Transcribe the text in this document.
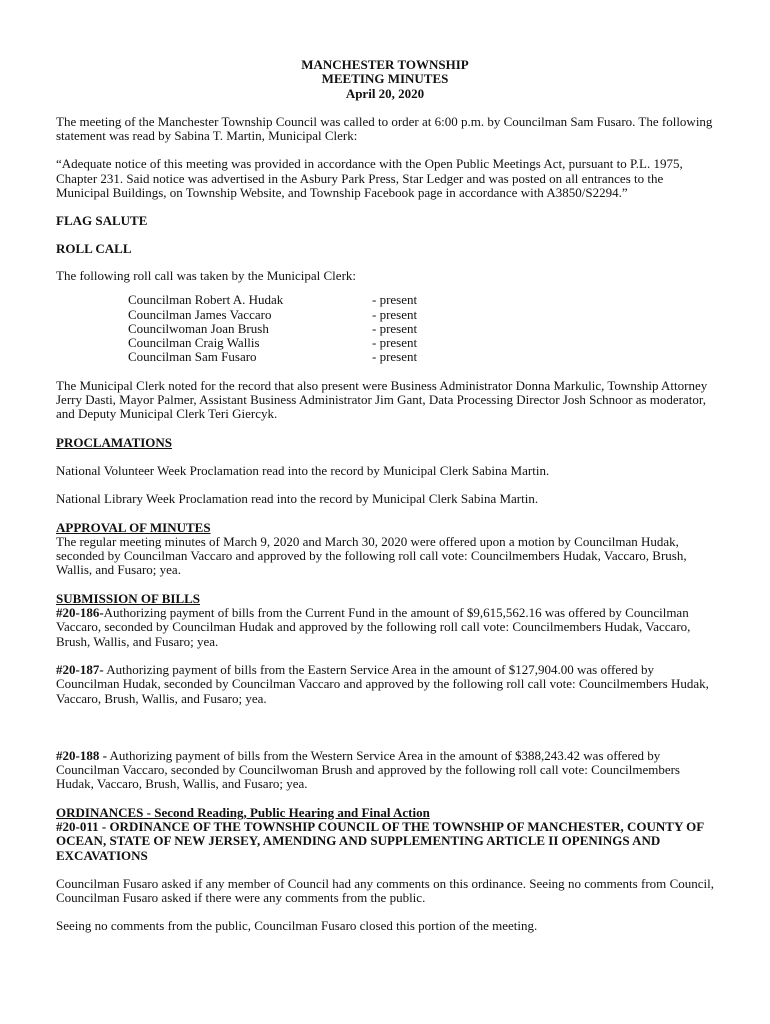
MANCHESTER TOWNSHIP

MEETING MINUTES

April 20, 2020

The meeting of the Manchester Township Council was called to order at 6:00 p.m. by Councilman Sam Fusaro. The following statement was read by Sabina T. Martin, Municipal Clerk:

“Adequate notice of this meeting was provided in accordance with the Open Public Meetings Act, pursuant to P.L. 1975, Chapter 231. Said notice was advertised in the Asbury Park Press, Star Ledger and was posted on all entrances to the Municipal Buildings, on Township Website, and Township Facebook page in accordance with A3850/S2294.”

FLAG SALUTE

ROLL CALL

The following roll call was taken by the Municipal Clerk:

Councilman Robert A. Hudak	- present
Councilman James Vaccaro	- present
Councilwoman Joan Brush	- present
Councilman Craig Wallis	- present
Councilman Sam Fusaro	- present

The Municipal Clerk noted for the record that also present were Business Administrator Donna Markulic, Township Attorney Jerry Dasti, Mayor Palmer, Assistant Business Administrator Jim Gant, Data Processing Director Josh Schnoor as moderator, and Deputy Municipal Clerk Teri Giercyk.

PROCLAMATIONS

National Volunteer Week Proclamation read into the record by Municipal Clerk Sabina Martin.

National Library Week Proclamation read into the record by Municipal Clerk Sabina Martin.

APPROVAL OF MINUTES

The regular meeting minutes of March 9, 2020 and March 30, 2020 were offered upon a motion by Councilman Hudak, seconded by Councilman Vaccaro and approved by the following roll call vote: Councilmembers Hudak, Vaccaro, Brush, Wallis, and Fusaro; yea.

SUBMISSION OF BILLS

#20-186-Authorizing payment of bills from the Current Fund in the amount of $9,615,562.16 was offered by Councilman Vaccaro, seconded by Councilman Hudak and approved by the following roll call vote: Councilmembers Hudak, Vaccaro, Brush, Wallis, and Fusaro; yea.

#20-187- Authorizing payment of bills from the Eastern Service Area in the amount of $127,904.00 was offered by Councilman Hudak, seconded by Councilman Vaccaro and approved by the following roll call vote: Councilmembers Hudak, Vaccaro, Brush, Wallis, and Fusaro; yea.

#20-188 - Authorizing payment of bills from the Western Service Area in the amount of $388,243.42 was offered by Councilman Vaccaro, seconded by Councilwoman Brush and approved by the following roll call vote: Councilmembers Hudak, Vaccaro, Brush, Wallis, and Fusaro; yea.

ORDINANCES - Second Reading, Public Hearing and Final Action

#20-011 - ORDINANCE OF THE TOWNSHIP COUNCIL OF THE TOWNSHIP OF MANCHESTER, COUNTY OF OCEAN, STATE OF NEW JERSEY, AMENDING AND SUPPLEMENTING ARTICLE II OPENINGS AND EXCAVATIONS

Councilman Fusaro asked if any member of Council had any comments on this ordinance. Seeing no comments from Council, Councilman Fusaro asked if there were any comments from the public.

Seeing no comments from the public, Councilman Fusaro closed this portion of the meeting.
